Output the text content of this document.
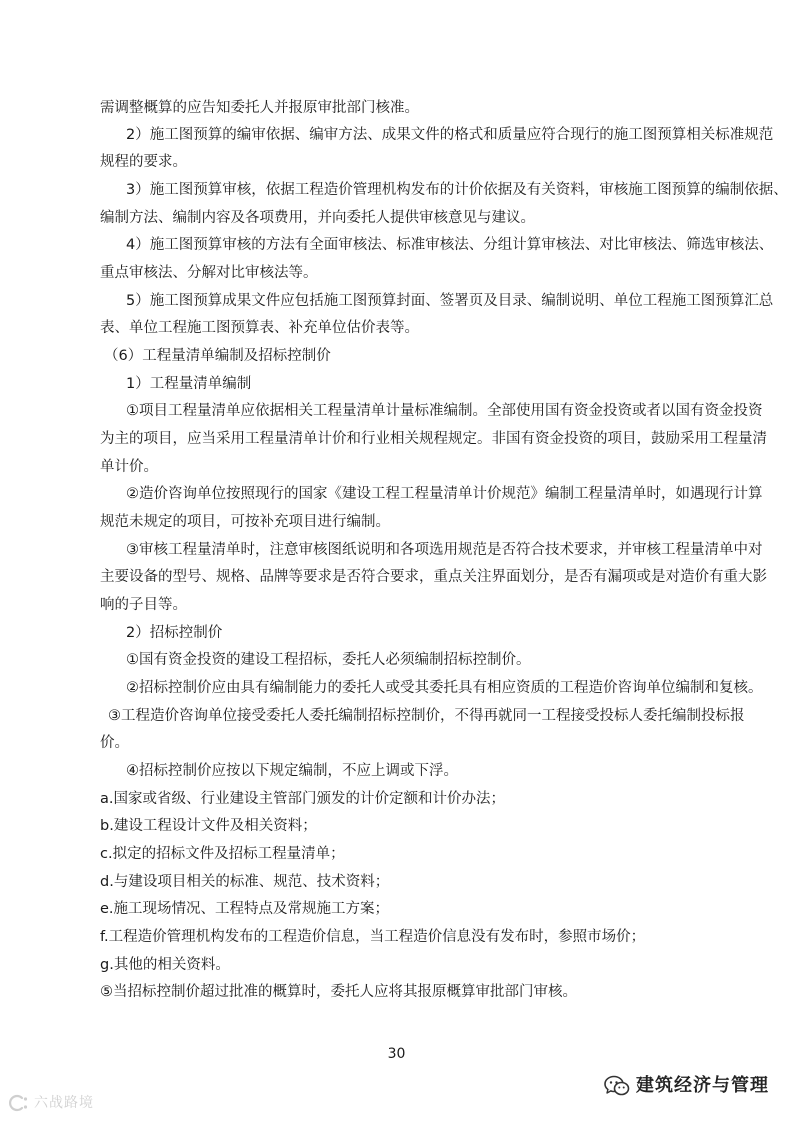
需调整概算的应告知委托人并报原审批部门核准。
2）施工图预算的编审依据、编审方法、成果文件的格式和质量应符合现行的施工图预算相关标准规范
规程的要求。
3）施工图预算审核，依据工程造价管理机构发布的计价依据及有关资料，审核施工图预算的编制依据、
编制方法、编制内容及各项费用，并向委托人提供审核意见与建议。
4）施工图预算审核的方法有全面审核法、标准审核法、分组计算审核法、对比审核法、筛选审核法、
重点审核法、分解对比审核法等。
5）施工图预算成果文件应包括施工图预算封面、签署页及目录、编制说明、单位工程施工图预算汇总
表、单位工程施工图预算表、补充单位估价表等。
（6）工程量清单编制及招标控制价
1）工程量清单编制
①项目工程量清单应依据相关工程量清单计量标准编制。全部使用国有资金投资或者以国有资金投资
为主的项目，应当采用工程量清单计价和行业相关规程规定。非国有资金投资的项目，鼓励采用工程量清
单计价。
②造价咨询单位按照现行的国家《建设工程工程量清单计价规范》编制工程量清单时，如遇现行计算
规范未规定的项目，可按补充项目进行编制。
③审核工程量清单时，注意审核图纸说明和各项选用规范是否符合技术要求，并审核工程量清单中对
主要设备的型号、规格、品牌等要求是否符合要求，重点关注界面划分，是否有漏项或是对造价有重大影
响的子目等。
2）招标控制价
①国有资金投资的建设工程招标，委托人必须编制招标控制价。
②招标控制价应由具有编制能力的委托人或受其委托具有相应资质的工程造价咨询单位编制和复核。
③工程造价咨询单位接受委托人委托编制招标控制价，不得再就同一工程接受投标人委托编制投标报
价。
④招标控制价应按以下规定编制，不应上调或下浮。
a.国家或省级、行业建设主管部门颁发的计价定额和计价办法；
b.建设工程设计文件及相关资料；
c.拟定的招标文件及招标工程量清单；
d.与建设项目相关的标准、规范、技术资料；
e.施工现场情况、工程特点及常规施工方案；
f.工程造价管理机构发布的工程造价信息，当工程造价信息没有发布时，参照市场价；
g.其他的相关资料。
⑤当招标控制价超过批准的概算时，委托人应将其报原概算审批部门审核。
30
建筑经济与管理
六战路境
